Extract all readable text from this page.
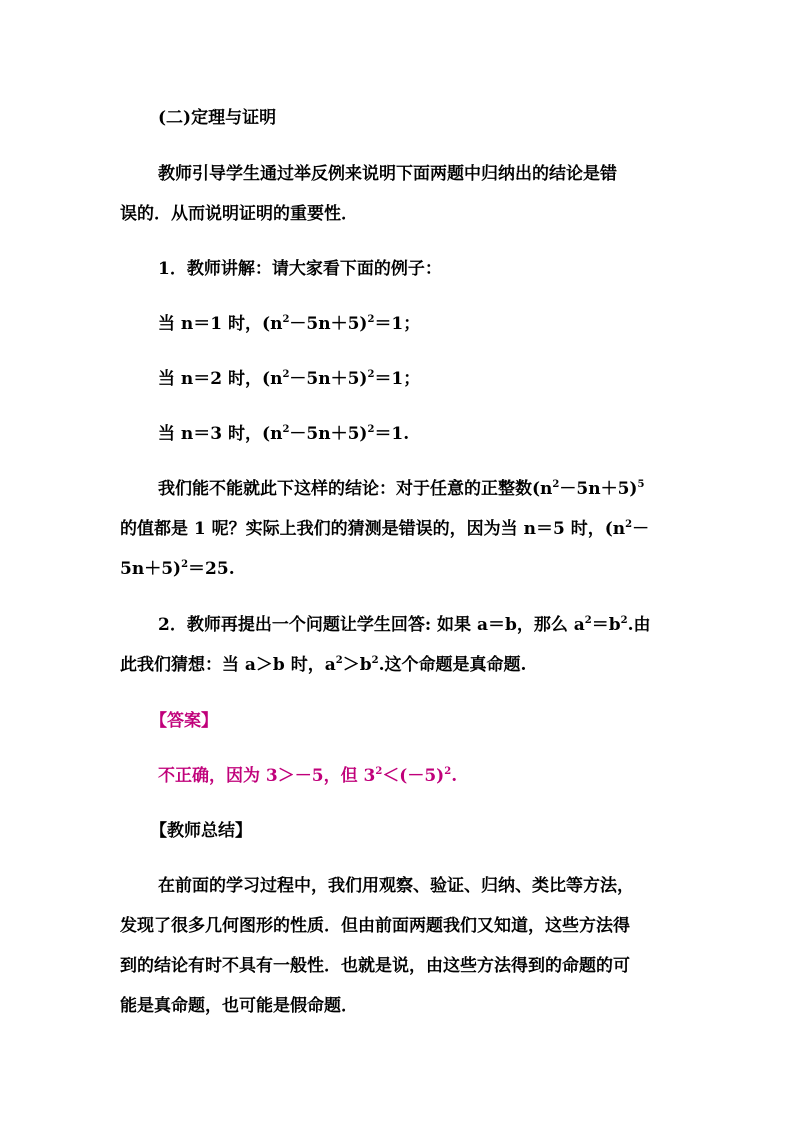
(二)定理与证明
教师引导学生通过举反例来说明下面两题中归纳出的结论是错
误的．从而说明证明的重要性．
1．教师讲解：请大家看下面的例子：
当 n＝1 时，$(n^2-5n+5)^2=1$；
当 n＝2 时，$(n^2-5n+5)^2=1$；
当 n＝3 时，$(n^2-5n+5)^2=1$.
我们能不能就此下这样的结论：对于任意的正整数$(n^2-5n+5)^5$
的值都是 1 呢？实际上我们的猜测是错误的，因为当 n＝5 时，($n^2-$
5n＋5)$^2$＝25.
2．教师再提出一个问题让学生回答: 如果 a＝b，那么 $a^2=b^2$.由
此我们猜想：当 a＞b 时，$a^2>b^2$.这个命题是真命题.
【答案】
不正确，因为 3＞－5，但 $3^2<(-5)^2$.
【教师总结】
在前面的学习过程中，我们用观察、验证、归纳、类比等方法，
发现了很多几何图形的性质．但由前面两题我们又知道，这些方法得
到的结论有时不具有一般性．也就是说，由这些方法得到的命题的可
能是真命题，也可能是假命题．
